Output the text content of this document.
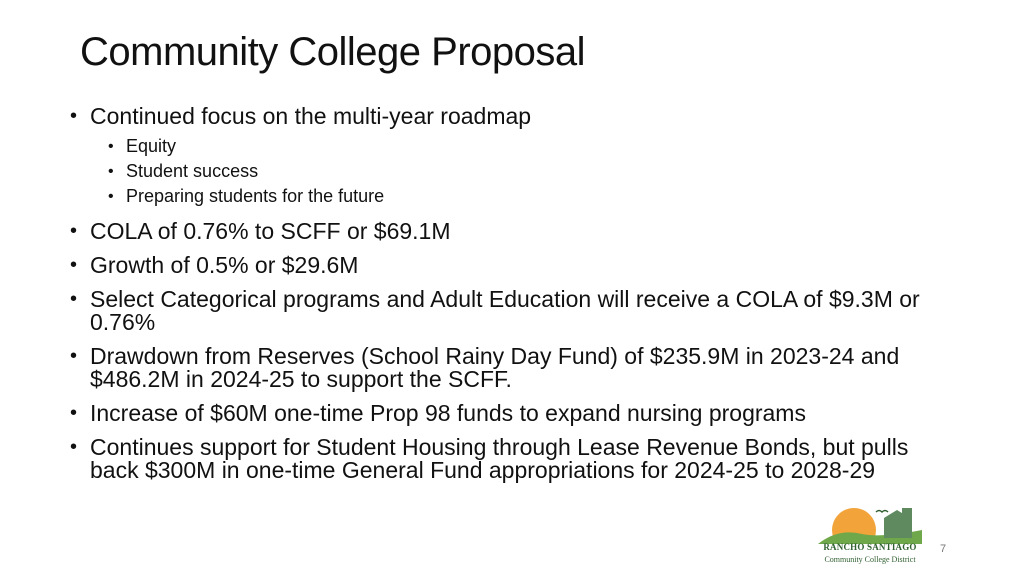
Community College Proposal
• Continued focus on the multi-year roadmap
• Equity
• Student success
• Preparing students for the future
• COLA of 0.76% to SCFF or $69.1M
• Growth of 0.5% or $29.6M
• Select Categorical programs and Adult Education will receive a COLA of $9.3M or 0.76%
• Drawdown from Reserves (School Rainy Day Fund) of $235.9M in 2023-24 and $486.2M in 2024-25 to support the SCFF.
• Increase of $60M one-time Prop 98 funds to expand nursing programs
• Continues support for Student Housing through Lease Revenue Bonds, but pulls back $300M in one-time General Fund appropriations for 2024-25 to 2028-29
RANCHO SANTIAGO
Community College District
7
